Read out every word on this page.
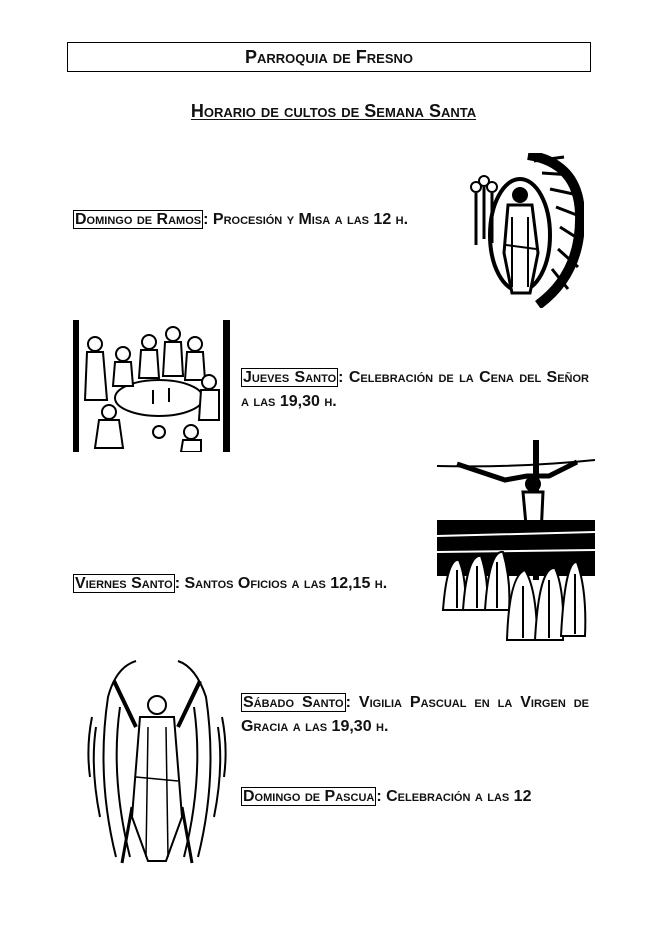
Parroquia de Fresno
Horario de cultos de Semana Santa
Domingo de Ramos : Procesión y Misa a las 12 h.
Jueves Santo : Celebración de la Cena del Señor a las 19,30 h.
Viernes Santo : Santos Oficios a las 12,15 h.
Sábado Santo : Vigilia Pascual en la Virgen de Gracia a las 19,30 h.
Domingo de Pascua : Celebración a las 12
